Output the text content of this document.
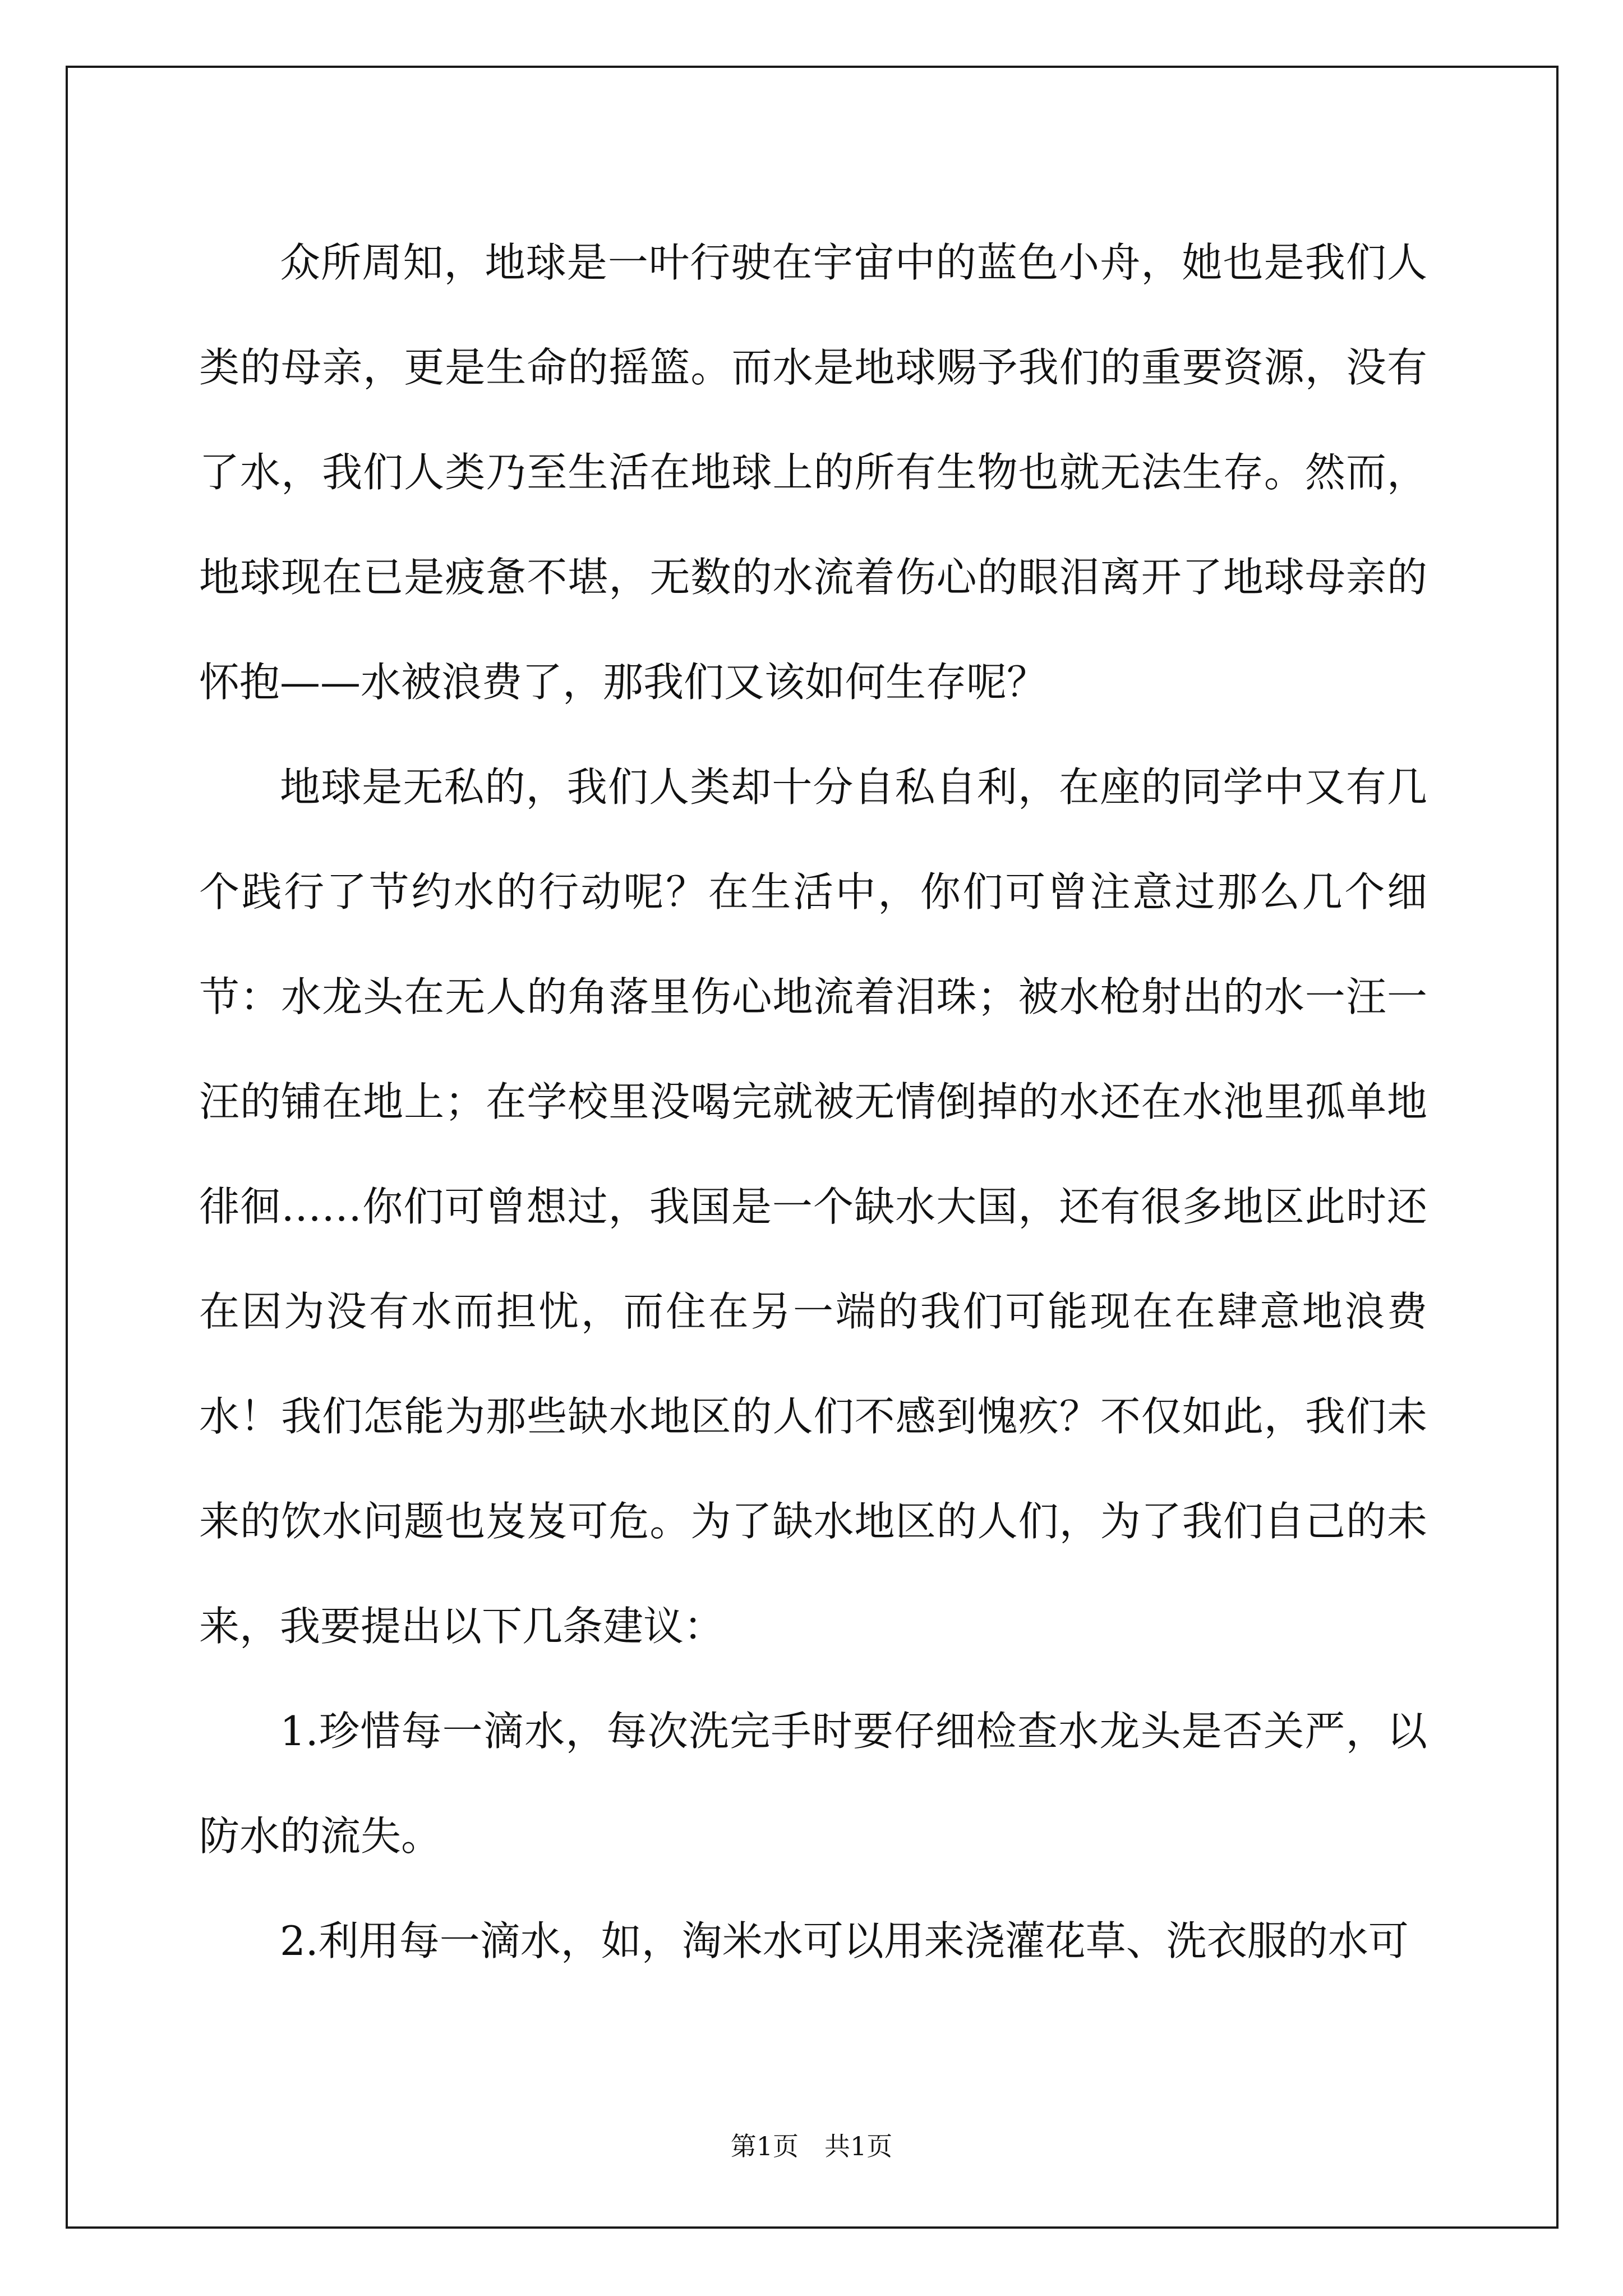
众所周知，地球是一叶行驶在宇宙中的蓝色小舟，她也是我们人类的母亲，更是生命的摇篮。而水是地球赐予我们的重要资源，没有了水，我们人类乃至生活在地球上的所有生物也就无法生存。然而，地球现在已是疲惫不堪，无数的水流着伤心的眼泪离开了地球母亲的怀抱——水被浪费了，那我们又该如何生存呢？

地球是无私的，我们人类却十分自私自利，在座的同学中又有几个践行了节约水的行动呢？在生活中，你们可曾注意过那么几个细节：水龙头在无人的角落里伤心地流着泪珠；被水枪射出的水一汪一汪的铺在地上；在学校里没喝完就被无情倒掉的水还在水池里孤单地徘徊……你们可曾想过，我国是一个缺水大国，还有很多地区此时还在因为没有水而担忧，而住在另一端的我们可能现在在肆意地浪费水！我们怎能为那些缺水地区的人们不感到愧疚？不仅如此，我们未来的饮水问题也岌岌可危。为了缺水地区的人们，为了我们自己的未来，我要提出以下几条建议：

1.珍惜每一滴水，每次洗完手时要仔细检查水龙头是否关严，以防水的流失。

2.利用每一滴水，如，淘米水可以用来浇灌花草、洗衣服的水可

第1页　共1页
